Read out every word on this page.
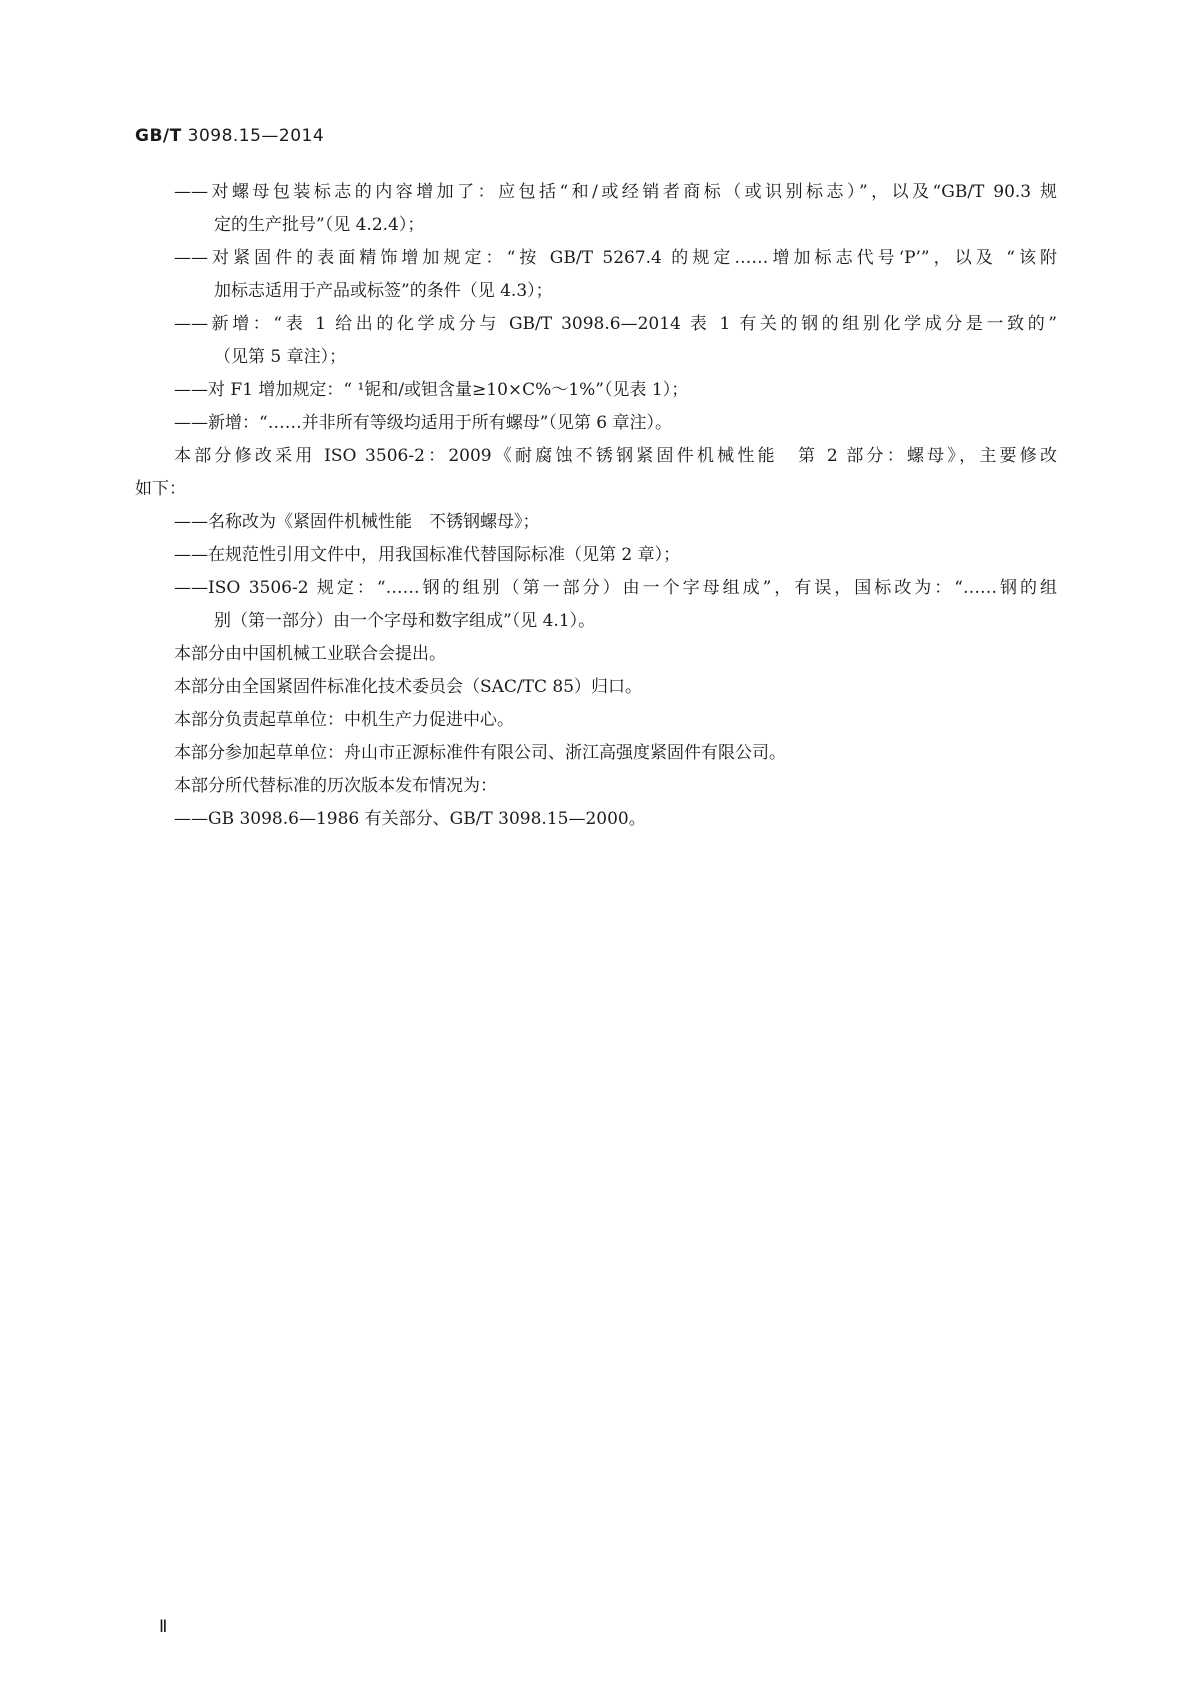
GB/T 3098.15—2014
——对螺母包装标志的内容增加了：应包括“和/或经销者商标（或识别标志）”，以及“GB/T 90.3 规
定的生产批号”（见 4.2.4）；
——对紧固件的表面精饰增加规定：“按 GB/T 5267.4 的规定……增加标志代号‘P’”，以及 “该附
加标志适用于产品或标签”的条件（见 4.3）；
——新增：“表 1 给出的化学成分与 GB/T 3098.6—2014 表 1 有关的钢的组别化学成分是一致的”
（见第 5 章注）；
——对 F1 增加规定：“ ¹铌和/或钽含量≥10×C%～1%”（见表 1）；
——新增：“……并非所有等级均适用于所有螺母”（见第 6 章注）。
本部分修改采用 ISO 3506-2：2009《耐腐蚀不锈钢紧固件机械性能　第 2 部分：螺母》，主要修改
如下：
——名称改为《紧固件机械性能　不锈钢螺母》；
——在规范性引用文件中，用我国标准代替国际标准（见第 2 章）；
——ISO 3506-2 规定：“……钢的组别（第一部分）由一个字母组成”，有误，国标改为：“……钢的组
别（第一部分）由一个字母和数字组成”（见 4.1）。
本部分由中国机械工业联合会提出。
本部分由全国紧固件标准化技术委员会（SAC/TC 85）归口。
本部分负责起草单位：中机生产力促进中心。
本部分参加起草单位：舟山市正源标准件有限公司、浙江高强度紧固件有限公司。
本部分所代替标准的历次版本发布情况为：
——GB 3098.6—1986 有关部分、GB/T 3098.15—2000。
Ⅱ
